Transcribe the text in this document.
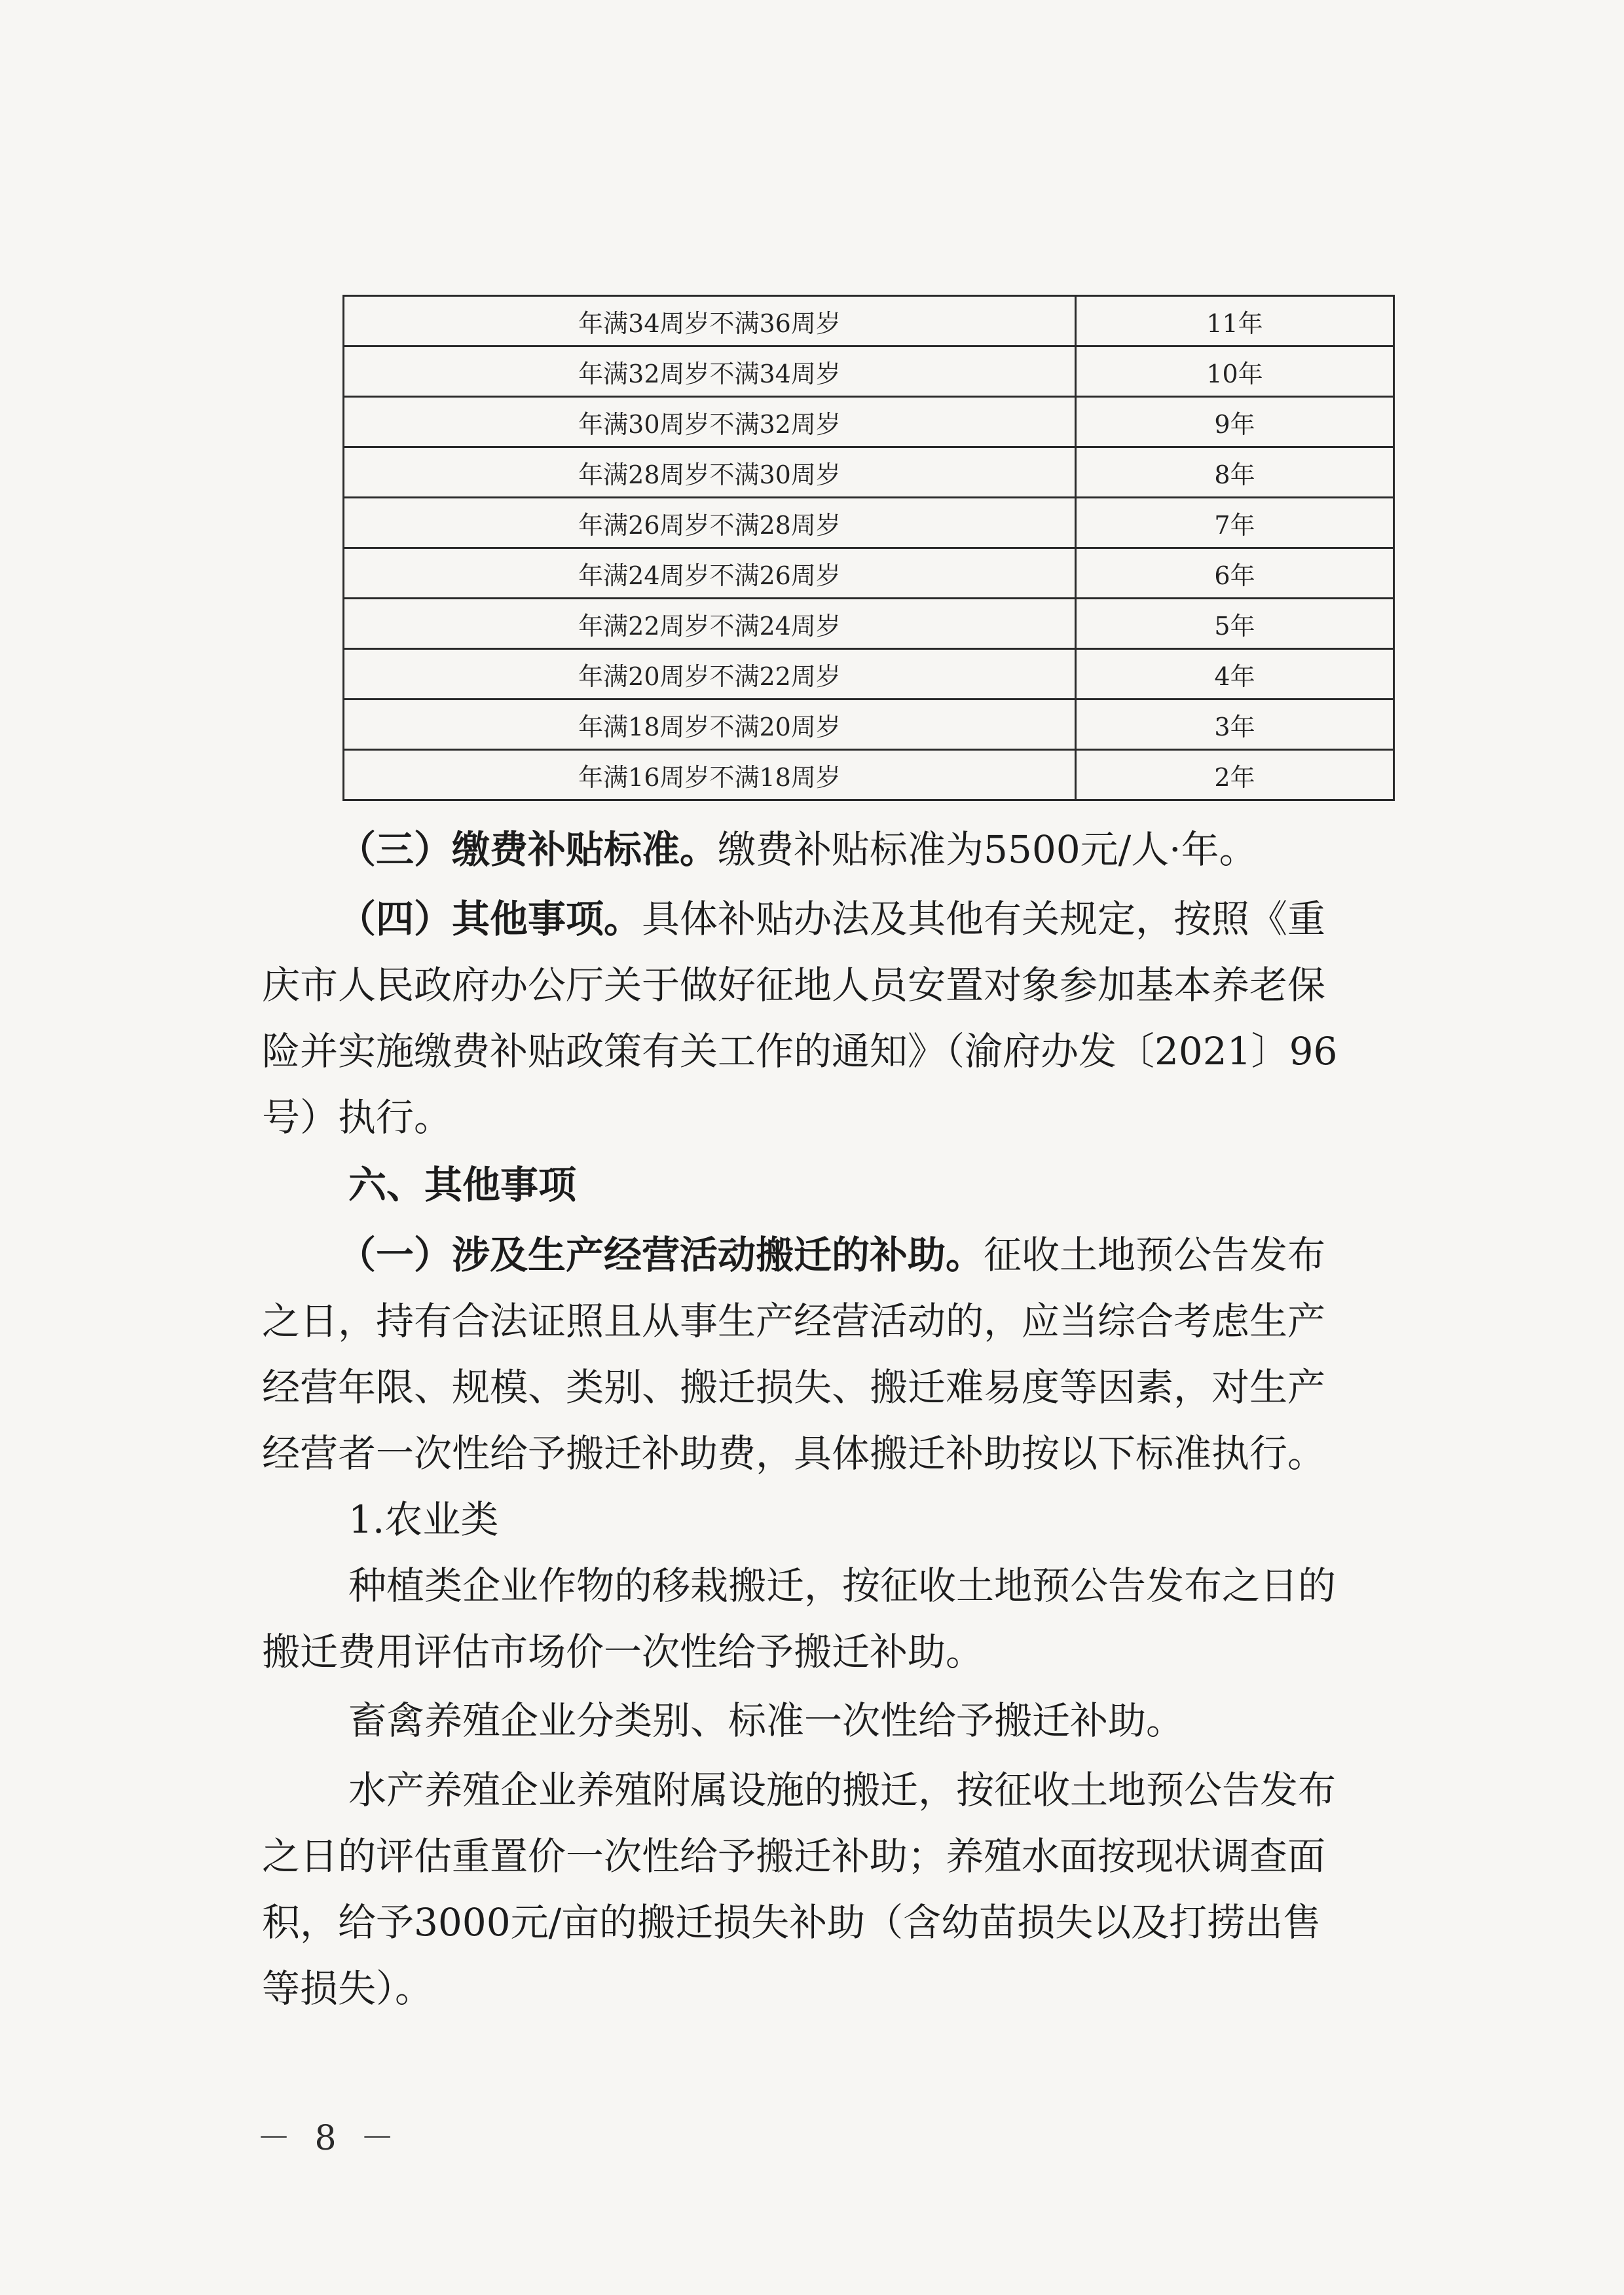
年满34周岁不满36周岁	11年
年满32周岁不满34周岁	10年
年满30周岁不满32周岁	9年
年满28周岁不满30周岁	8年
年满26周岁不满28周岁	7年
年满24周岁不满26周岁	6年
年满22周岁不满24周岁	5年
年满20周岁不满22周岁	4年
年满18周岁不满20周岁	3年
年满16周岁不满18周岁	2年

（三）缴费补贴标准。缴费补贴标准为5500元/人·年。

（四）其他事项。具体补贴办法及其他有关规定，按照《重

庆市人民政府办公厅关于做好征地人员安置对象参加基本养老保

险并实施缴费补贴政策有关工作的通知》（渝府办发〔2021〕96

号）执行。

六、其他事项

（一）涉及生产经营活动搬迁的补助。征收土地预公告发布

之日，持有合法证照且从事生产经营活动的，应当综合考虑生产

经营年限、规模、类别、搬迁损失、搬迁难易度等因素，对生产

经营者一次性给予搬迁补助费，具体搬迁补助按以下标准执行。

1.农业类

种植类企业作物的移栽搬迁，按征收土地预公告发布之日的

搬迁费用评估市场价一次性给予搬迁补助。

畜禽养殖企业分类别、标准一次性给予搬迁补助。

水产养殖企业养殖附属设施的搬迁，按征收土地预公告发布

之日的评估重置价一次性给予搬迁补助；养殖水面按现状调查面

积，给予3000元/亩的搬迁损失补助（含幼苗损失以及打捞出售

等损失）。

－ 8 －
